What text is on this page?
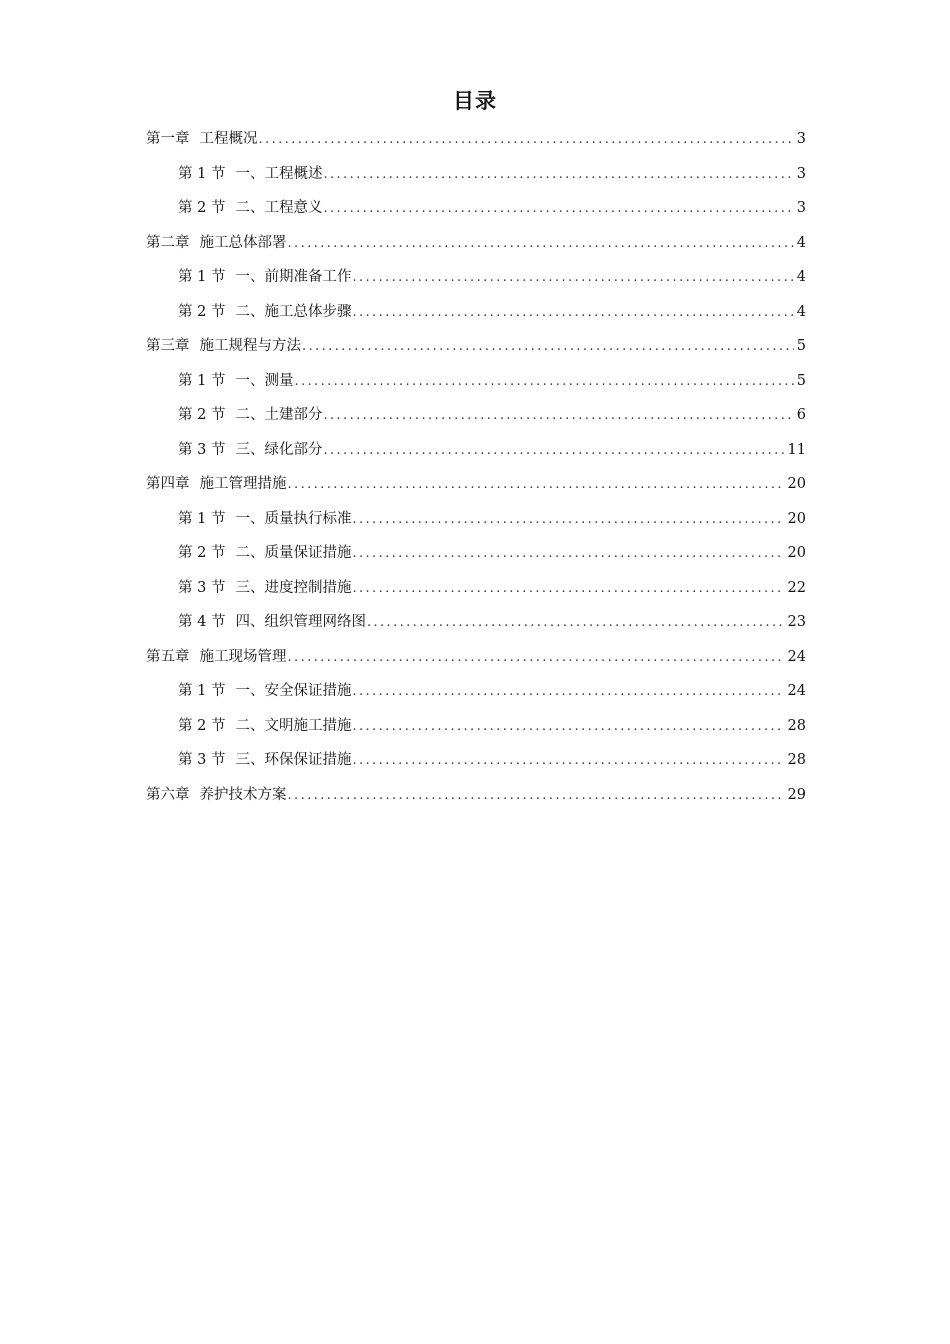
目录
第一章 工程概况 .....	3
第 1 节 一、工程概述 .....	3
第 2 节 二、工程意义 .....	3
第二章 施工总体部署 .....	4
第 1 节 一、前期准备工作 .....	4
第 2 节 二、施工总体步骤 .....	4
第三章 施工规程与方法 .....	5
第 1 节 一、测量 .....	5
第 2 节 二、土建部分 .....	6
第 3 节 三、绿化部分 .....	11
第四章 施工管理措施 .....	20
第 1 节 一、质量执行标准 .....	20
第 2 节 二、质量保证措施 .....	20
第 3 节 三、进度控制措施 .....	22
第 4 节 四、组织管理网络图 .....	23
第五章 施工现场管理 .....	24
第 1 节 一、安全保证措施 .....	24
第 2 节 二、文明施工措施 .....	28
第 3 节 三、环保保证措施 .....	28
第六章 养护技术方案 .....	29
